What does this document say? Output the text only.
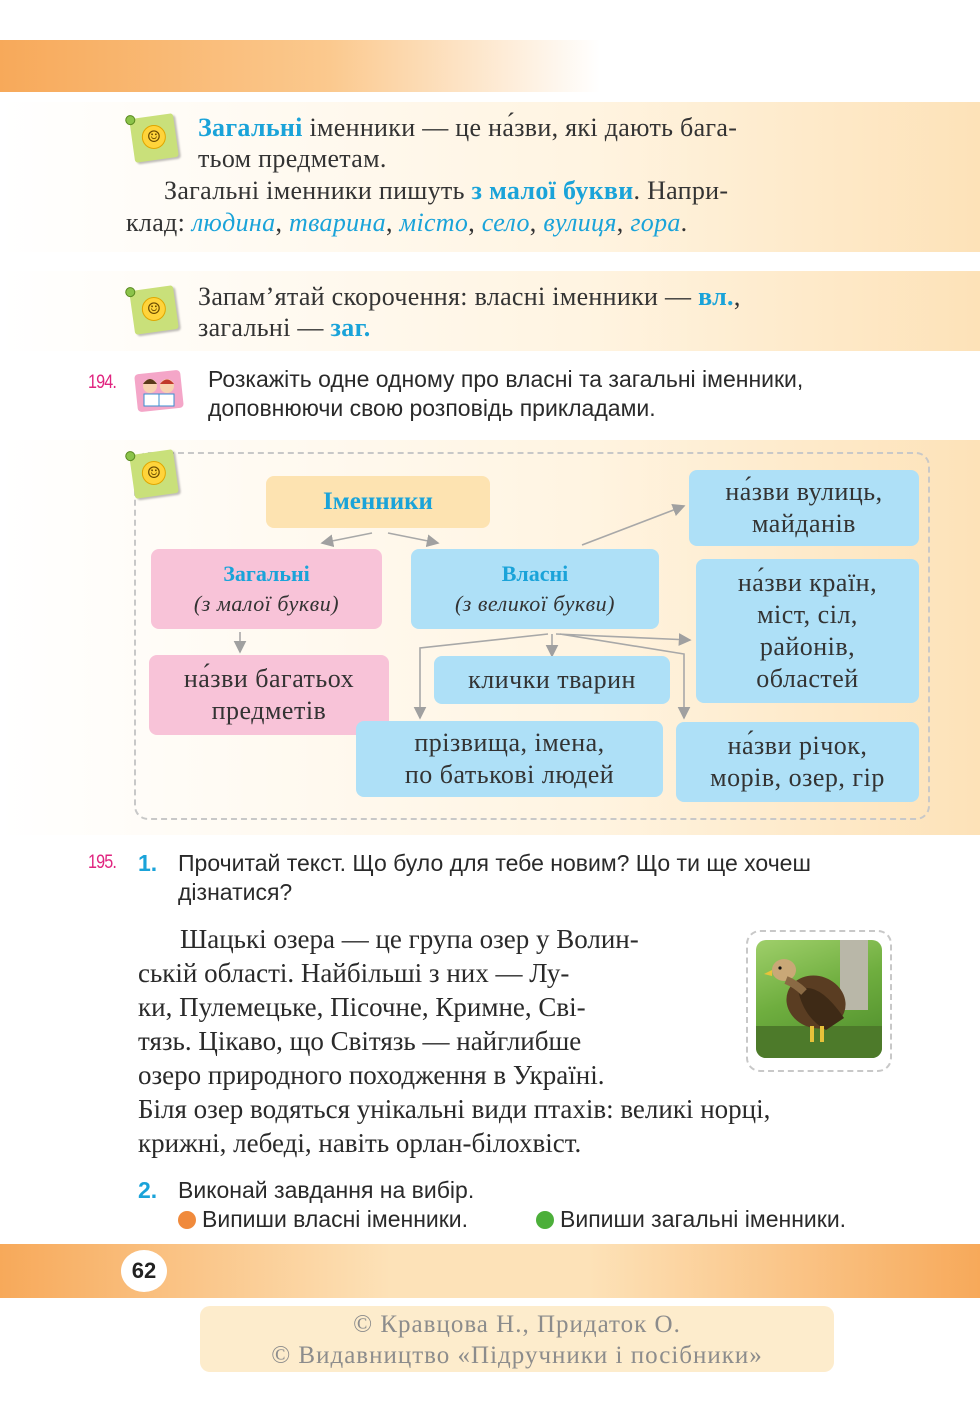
☺ Загальні іменники — це на́зви, які дають бага-
тьом предметам.
Загальні іменники пишуть з малої букви. Напри-
клад: людина, тварина, місто, село, вулиця, гора.
☺ Запам’ятай скорочення: власні іменники — вл.,
загальні — заг.
194.	Розкажіть одне одному про власні та загальні іменники,
доповнюючи свою розповідь прикладами.
☺
Іменники
Загальні
(з малої букви)
Власні
(з великої букви)
на́зви багатьох
предметів
на́зви вулиць,
майданів
на́зви країн,
міст, сіл,
районів,
областей
клички тварин
прізвища, імена,
по батькові людей
на́зви річок,
морів, озер, гір
195. 1. Прочитай текст. Що було для тебе новим? Що ти ще хочеш
дізнатися?
Шацькі озера — це група озер у Волин-
ській області. Найбільші з них — Лу-
ки, Пулемецьке, Пісочне, Кримне, Сві-
тязь. Цікаво, що Світязь — найглибше
озеро природного походження в Україні.
Біля озер водяться унікальні види птахів: великі норці,
крижні, лебеді, навіть орлан-білохвіст.
2. Виконай завдання на вибір.
Випиши власні іменники.	Випиши загальні іменники.
62
© Кравцова Н., Придаток О.
© Видавництво «Підручники і посібники»
